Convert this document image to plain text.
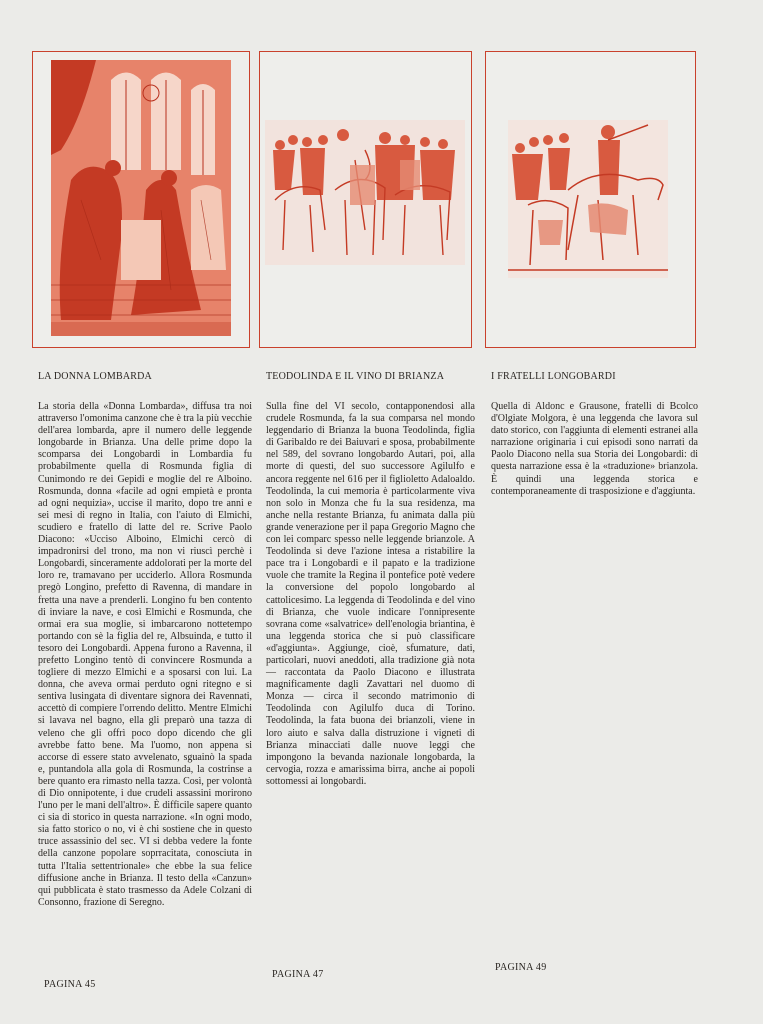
LA DONNA LOMBARDA

La storia della «Donna Lombarda», diffusa tra noi attraverso l'omonima canzone che è tra la più vecchie dell'area lombarda, apre il numero delle leggende longobarde in Brianza. Una delle prime dopo la scomparsa dei Longobardi in Lombardia fu probabilmente quella di Rosmunda figlia di Cunimondo re dei Gepidi e moglie del re Alboino. Rosmunda, donna «facile ad ogni empietà e pronta ad ogni nequizia», uccise il marito, dopo tre anni e sei mesi di regno in Italia, con l'aiuto di Elmichi, scudiero e fratello di latte del re. Scrive Paolo Diacono: «Ucciso Alboino, Elmichi cercò di impadronirsi del trono, ma non vi riuscì perchè i Longobardi, sinceramente addolorati per la morte del loro re, tramavano per ucciderlo. Allora Rosmunda pregò Longino, prefetto di Ravenna, di mandare in fretta una nave a prenderli. Longino fu ben contento di inviare la nave, e così Elmichi e Rosmunda, che ormai era sua moglie, si imbarcarono nottetempo portando con sè la figlia del re, Albsuinda, e tutto il tesoro dei Longobardi. Appena furono a Ravenna, il prefetto Longino tentò di convincere Rosmunda a togliere di mezzo Elmichi e a sposarsi con lui. La donna, che aveva ormai perduto ogni ritegno e si sentiva lusingata di diventare signora dei Ravennati, accettò di compiere l'orrendo delitto. Mentre Elmichi si lavava nel bagno, ella gli preparò una tazza di veleno che gli offrì poco dopo dicendo che gli avrebbe fatto bene. Ma l'uomo, non appena si accorse di essere stato avvelenato, sguainò la spada e, puntandola alla gola di Rosmunda, la costrinse a bere quanto era rimasto nella tazza. Così, per volontà di Dio onnipotente, i due crudeli assassini morirono l'uno per le mani dell'altro». È difficile sapere quanto ci sia di storico in questa narrazione. «In ogni modo, sia fatto storico o no, vi è chi sostiene che in questo truce assassinio del sec. VI si debba vedere la fonte della canzone popolare soprracitata, conosciuta in tutta l'Italia settentrionale» che ebbe la sua felice diffusione anche in Brianza. Il testo della «Canzun» qui pubblicata è stato trasmesso da Adele Colzani di Consonno, frazione di Seregno.

TEODOLINDA E IL VINO DI BRIANZA

Sulla fine del VI secolo, contapponendosi alla crudele Rosmunda, fa la sua comparsa nel mondo leggendario di Brianza la buona Teodolinda, figlia di Garibaldo re dei Baiuvari e sposa, probabilmente nel 589, del sovrano longobardo Autari, poi, alla morte di questi, del suo successore Agilulfo e ancora reggente nel 616 per il figlioletto Adaloaldo. Teodolinda, la cui memoria è particolarmente viva non solo in Monza che fu la sua residenza, ma anche nella restante Brianza, fu animata dalla più grande venerazione per il papa Gregorio Magno che con lei comparc spesso nelle leggende brianzole. A Teodolinda si deve l'azione intesa a ristabilire la pace tra i Longobardi e il papato e la tradizione vuole che tramite la Regina il pontefice potè vedere la conversione del popolo longobardo al cattolicesimo. La leggenda di Teodolinda e del vino di Brianza, che vuole indicare l'onnipresente sovrana come «salvatrice» dell'enologia briantina, è una leggenda storica che si può classificare «d'aggiunta». Aggiunge, cioè, sfumature, dati, particolari, nuovi aneddoti, alla tradizione già nota — raccontata da Paolo Diacono e illustrata magnificamente dagli Zavattari nel duomo di Monza — circa il secondo matrimonio di Teodolinda con Agilulfo duca di Torino. Teodolinda, la fata buona dei brianzoli, viene in loro aiuto e salva dalla distruzione i vigneti di Brianza minacciati dalle nuove leggi che impongono la bevanda nazionale longobarda, la cervogia, rozza e amarissima birra, anche ai popoli sottomessi ai longobardi.

I FRATELLI LONGOBARDI

Quella di Aldonc e Grausone, fratelli di Bcolco d'Olgiate Molgora, è una leggenda che lavora sul dato storico, con l'aggiunta di elementi estranei alla narrazione originaria i cui episodi sono narrati da Paolo Diacono nella sua Storia dei Longobardi: di questa narrazione essa è la «traduzione» brianzola. È quindi una leggenda storica e contemporaneamente di trasposizione e d'aggiunta.

PAGINA 45
PAGINA 47
PAGINA 49
